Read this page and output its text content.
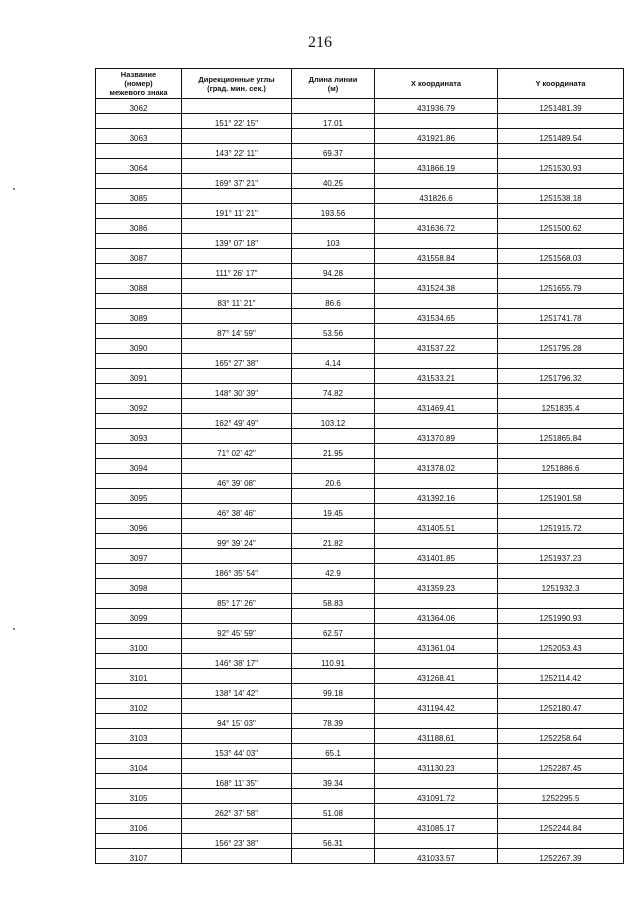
216
Название
(номер)
межевого знака	Дирекционные углы
(град. мин. сек.)	Длина линии
(м)	X координата	Y координата
3062			431936.79	1251481.39
	151° 22' 15"	17.01		
3063			431921.86	1251489.54
	143° 22' 11"	69.37		
3064			431866.19	1251530.93
	169° 37' 21"	40.25		
3085			431826.6	1251538.18
	191° 11' 21"	193.56		
3086			431636.72	1251500.62
	139° 07' 18"	103		
3087			431558.84	1251568.03
	111° 26' 17"	94.28		
3088			431524.38	1251655.79
	83° 11' 21"	86.6		
3089			431534.65	1251741.78
	87° 14' 59"	53.56		
3090			431537.22	1251795.28
	165° 27' 38"	4.14		
3091			431533.21	1251796.32
	148° 30' 39"	74.82		
3092			431469.41	1251835.4
	162° 49' 49"	103.12		
3093			431370.89	1251865.84
	71° 02' 42"	21.95		
3094			431378.02	1251886.6
	46° 39' 08"	20.6		
3095			431392.16	1251901.58
	46° 38' 46"	19.45		
3096			431405.51	1251915.72
	99° 39' 24"	21.82		
3097			431401.85	1251937.23
	186° 35' 54"	42.9		
3098			431359.23	1251932.3
	85° 17' 26"	58.83		
3099			431364.06	1251990.93
	92° 45' 59"	62.57		
3100			431361.04	1252053.43
	146° 38' 17"	110.91		
3101			431268.41	1252114.42
	138° 14' 42"	99.18		
3102			431194.42	1252180.47
	94° 15' 03"	78.39		
3103			431188.61	1252258.64
	153° 44' 03"	65.1		
3104			431130.23	1252287.45
	168° 11' 35"	39.34		
3105			431091.72	1252295.5
	262° 37' 58"	51.08		
3106			431085.17	1252244.84
	156° 23' 38"	56.31		
3107			431033.57	1252267.39
